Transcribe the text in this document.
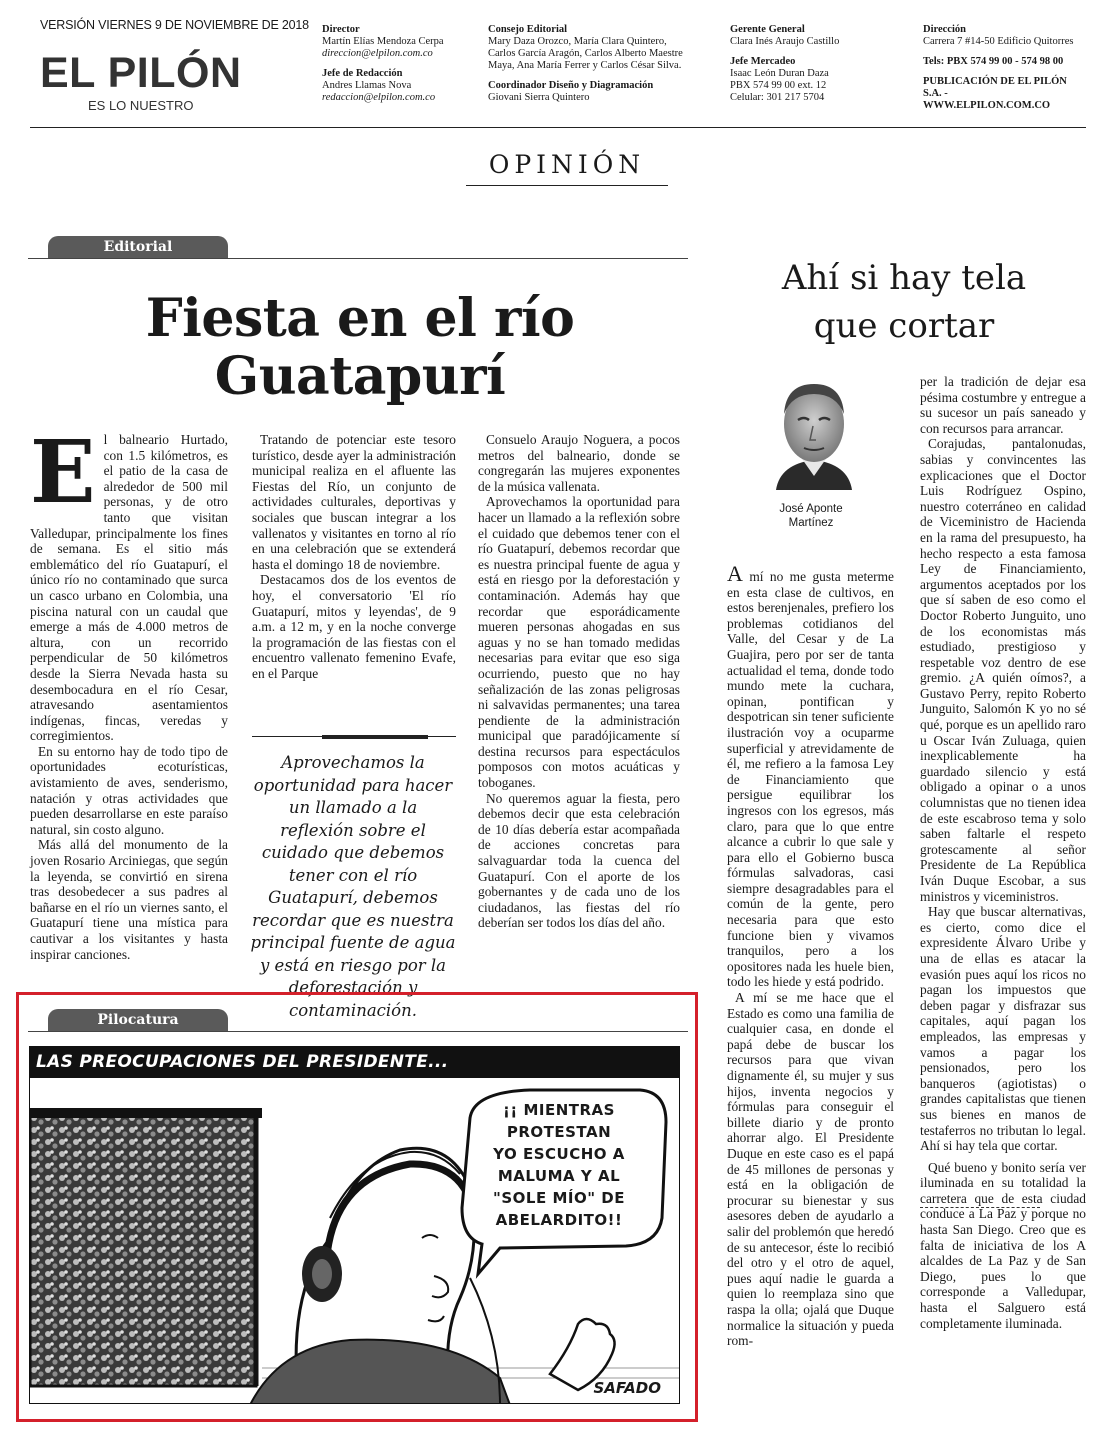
VERSIÓN VIERNES 9 DE NOVIEMBRE DE 2018
EL PILÓN
ES LO NUESTRO
Director
Martín Elías Mendoza Cerpa
direccion@elpilon.com.co
Jefe de Redacción
Andres Llamas Nova
redaccion@elpilon.com.co
Consejo Editorial
Mary Daza Orozco, María Clara Quintero,
Carlos García Aragón, Carlos Alberto Maestre
Maya, Ana María Ferrer y Carlos César Silva.
Coordinador Diseño y Diagramación
Giovani Sierra Quintero
Gerente General
Clara Inés Araujo Castillo
Jefe Mercadeo
Isaac León Duran Daza
PBX 574 99 00 ext. 12
Celular: 301 217 5704
Dirección
Carrera 7 #14-50 Edificio Quitorres
Tels: PBX 574 99 00 - 574 98 00
PUBLICACIÓN DE EL PILÓN S.A. -
WWW.ELPILON.COM.CO
OPINIÓN
Editorial
Fiesta en el río
Guatapurí

El balneario Hurtado, con 1.5 kilómetros, es el patio de la casa de alrededor de 500 mil personas, y de otro tanto que visitan Valledupar, principalmente los fines de semana. Es el sitio más emblemático del río Guatapurí, el único río no contaminado que surca un casco urbano en Colombia, una piscina natural con un caudal que emerge a más de 4.000 metros de altura, con un recorrido perpendicular de 50 kilómetros desde la Sierra Nevada hasta su desembocadura en el río Cesar, atravesando asentamientos indígenas, fincas, veredas y corregimientos.

En su entorno hay de todo tipo de oportunidades ecoturísticas, avistamiento de aves, senderismo, natación y otras actividades que pueden desarrollarse en este paraíso natural, sin costo alguno.

Más allá del monumento de la joven Rosario Arciniegas, que según la leyenda, se convirtió en sirena tras desobedecer a sus padres al bañarse en el río un viernes santo, el Guatapurí tiene una mística para cautivar a los visitantes y hasta inspirar canciones.

Tratando de potenciar este tesoro turístico, desde ayer la administración municipal realiza en el afluente las Fiestas del Río, un conjunto de actividades culturales, deportivas y sociales que buscan integrar a los vallenatos y visitantes en torno al río en una celebración que se extenderá hasta el domingo 18 de noviembre.

Destacamos dos de los eventos de hoy, el conversatorio 'El río Guatapurí, mitos y leyendas', de 9 a.m. a 12 m, y en la noche converge la programación de las fiestas con el encuentro vallenato femenino Evafe, en el Parque

Aprovechamos la oportunidad para hacer un llamado a la reflexión sobre el cuidado que debemos tener con el río Guatapurí, debemos recordar que es nuestra principal fuente de agua y está en riesgo por la deforestación y contaminación.

Consuelo Araujo Noguera, a pocos metros del balneario, donde se congregarán las mujeres exponentes de la música vallenata.

Aprovechamos la oportunidad para hacer un llamado a la reflexión sobre el cuidado que debemos tener con el río Guatapurí, debemos recordar que es nuestra principal fuente de agua y está en riesgo por la deforestación y contaminación. Además hay que recordar que esporádicamente mueren personas ahogadas en sus aguas y no se han tomado medidas necesarias para evitar que eso siga ocurriendo, puesto que no hay señalización de las zonas peligrosas ni salvavidas permanentes; una tarea pendiente de la administración municipal que paradójicamente sí destina recursos para espectáculos pomposos con motos acuáticas y toboganes.

No queremos aguar la fiesta, pero debemos decir que esta celebración de 10 días debería estar acompañada de acciones concretas para salvaguardar toda la cuenca del Guatapurí. Con el aporte de los gobernantes y de cada uno de los ciudadanos, las fiestas del río deberían ser todos los días del año.

Ahí si hay tela
que cortar
José Aponte
Martínez

A mí no me gusta meterme en esta clase de cultivos, en estos berenjenales, prefiero los problemas cotidianos del Valle, del Cesar y de La Guajira, pero por ser de tanta actualidad el tema, donde todo mundo mete la cuchara, opinan, pontifican y despotrican sin tener suficiente ilustración voy a ocuparme superficial y atrevidamente de él, me refiero a la famosa Ley de Financiamiento que persigue equilibrar los ingresos con los egresos, más claro, para que lo que entre alcance a cubrir lo que sale y para ello el Gobierno busca fórmulas salvadoras, casi siempre desagradables para el común de la gente, pero necesaria para que esto funcione bien y vivamos tranquilos, pero a los opositores nada les huele bien, todo les hiede y está podrido.

A mí se me hace que el Estado es como una familia de cualquier casa, en donde el papá debe de buscar los recursos para que vivan dignamente él, su mujer y sus hijos, inventa negocios y fórmulas para conseguir el billete diario y de pronto ahorrar algo. El Presidente Duque en este caso es el papá de 45 millones de personas y está en la obligación de procurar su bienestar y sus asesores deben de ayudarlo a salir del problemón que heredó de su antecesor, éste lo recibió del otro y el otro de aquel, pues aquí nadie le guarda a quien lo reemplaza sino que raspa la olla; ojalá que Duque normalice la situación y pueda rom-

per la tradición de dejar esa pésima costumbre y entregue a su sucesor un país saneado y con recursos para arrancar.

Corajudas, pantalonudas, sabias y convincentes las explicaciones que el Doctor Luis Rodríguez Ospino, nuestro coterráneo en calidad de Viceministro de Hacienda en la rama del presupuesto, ha hecho respecto a esta famosa Ley de Financiamiento, argumentos aceptados por los que sí saben de eso como el Doctor Roberto Junguito, uno de los economistas más estudiado, prestigioso y respetable voz dentro de ese gremio. ¿A quién oímos?, a Gustavo Perry, repito Roberto Junguito, Salomón K yo no sé qué, porque es un apellido raro u Oscar Iván Zuluaga, quien inexplicablemente ha guardado silencio y está obligado a opinar o a unos columnistas que no tienen idea de este escabroso tema y solo saben faltarle el respeto grotescamente al señor Presidente de La República Iván Duque Escobar, a sus ministros y viceministros.

Hay que buscar alternativas, es cierto, como dice el expresidente Álvaro Uribe y una de ellas es atacar la evasión pues aquí los ricos no pagan los impuestos que deben pagar y disfrazar sus capitales, aquí pagan los empleados, las empresas y vamos a pagar los pensionados, pero los banqueros (agiotistas) o grandes capitalistas que tienen sus bienes en manos de testaferros no tributan lo legal. Ahí si hay tela que cortar.

Qué bueno y bonito sería ver iluminada en su totalidad la carretera que de esta ciudad conduce a La Paz y porque no hasta San Diego. Creo que es falta de iniciativa de los A alcaldes de La Paz y de San Diego, pues lo que corresponde a Valledupar, hasta el Salguero está completamente iluminada.

Pilocatura
LAS PREOCUPACIONES DEL PRESIDENTE...
¡¡ MIENTRAS PROTESTAN
YO ESCUCHO A
MALUMA Y AL
"SOLE MÍO" DE
ABELARDITO!!
SAFADO
